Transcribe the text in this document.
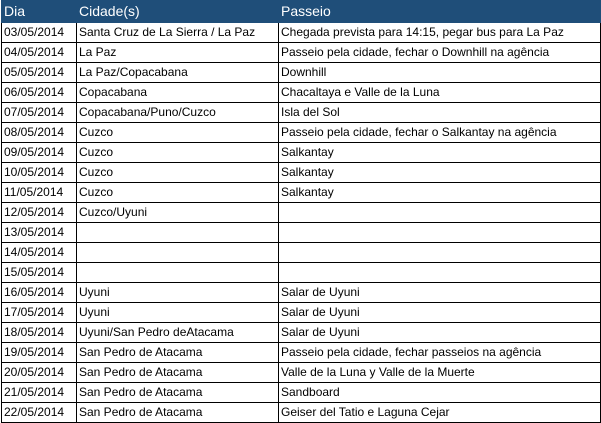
Dia	Cidade(s)	Passeio
03/05/2014	Santa Cruz de La Sierra / La Paz	Chegada prevista para 14:15, pegar bus para La Paz
04/05/2014	La Paz	Passeio pela cidade, fechar o Downhill na agência
05/05/2014	La Paz/Copacabana	Downhill
06/05/2014	Copacabana	Chacaltaya e Valle de la Luna
07/05/2014	Copacabana/Puno/Cuzco	Isla del Sol
08/05/2014	Cuzco	Passeio pela cidade, fechar o Salkantay na agência
09/05/2014	Cuzco	Salkantay
10/05/2014	Cuzco	Salkantay
11/05/2014	Cuzco	Salkantay
12/05/2014	Cuzco/Uyuni	
13/05/2014		
14/05/2014		
15/05/2014		
16/05/2014	Uyuni	Salar de Uyuni
17/05/2014	Uyuni	Salar de Uyuni
18/05/2014	Uyuni/San Pedro deAtacama	Salar de Uyuni
19/05/2014	San Pedro de Atacama	Passeio pela cidade, fechar passeios na agência
20/05/2014	San Pedro de Atacama	Valle de la Luna y Valle de la Muerte
21/05/2014	San Pedro de Atacama	Sandboard
22/05/2014	San Pedro de Atacama	Geiser del Tatio e Laguna Cejar
